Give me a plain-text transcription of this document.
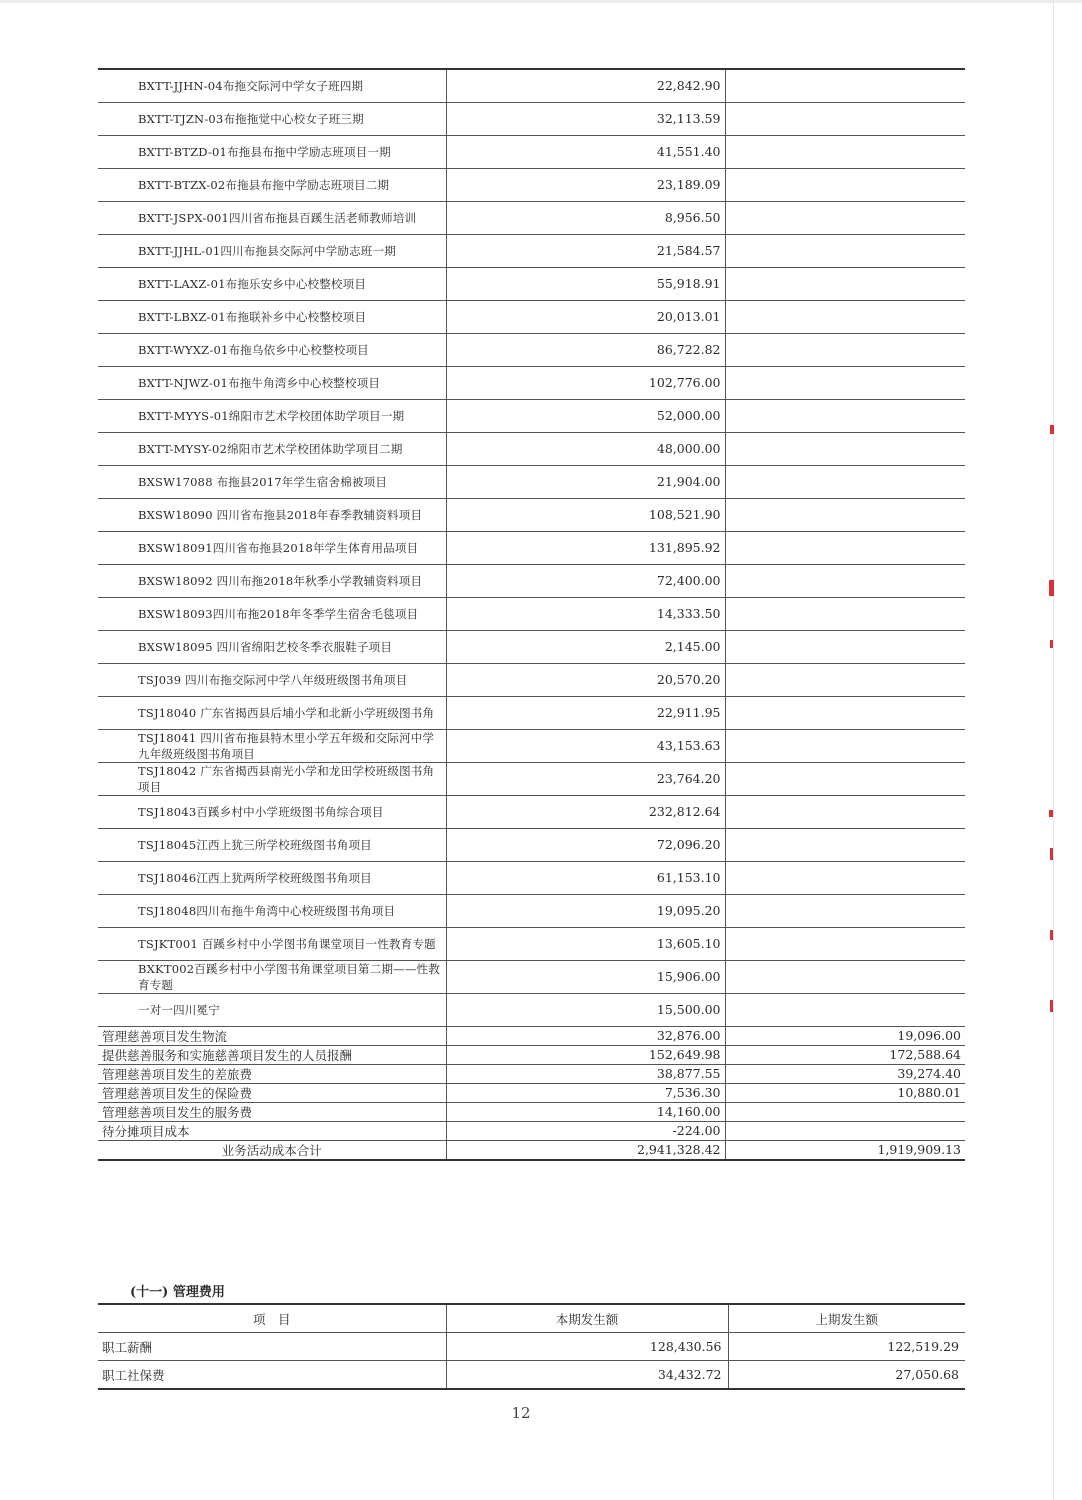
BXTT-JJHN-04布拖交际河中学女子班四期	22,842.90	
BXTT-TJZN-03布拖拖觉中心校女子班三期	32,113.59	
BXTT-BTZD-01布拖县布拖中学励志班项目一期	41,551.40	
BXTT-BTZX-02布拖县布拖中学励志班项目二期	23,189.09	
BXTT-JSPX-001四川省布拖县百蹊生活老师教师培训	8,956.50	
BXTT-JJHL-01四川布拖县交际河中学励志班一期	21,584.57	
BXTT-LAXZ-01布拖乐安乡中心校整校项目	55,918.91	
BXTT-LBXZ-01布拖联补乡中心校整校项目	20,013.01	
BXTT-WYXZ-01布拖乌依乡中心校整校项目	86,722.82	
BXTT-NJWZ-01布拖牛角湾乡中心校整校项目	102,776.00	
BXTT-MYYS-01绵阳市艺术学校团体助学项目一期	52,000.00	
BXTT-MYSY-02绵阳市艺术学校团体助学项目二期	48,000.00	
BXSW17088 布拖县2017年学生宿舍棉被项目	21,904.00	
BXSW18090 四川省布拖县2018年春季教辅资料项目	108,521.90	
BXSW18091四川省布拖县2018年学生体育用品项目	131,895.92	
BXSW18092 四川布拖2018年秋季小学教辅资料项目	72,400.00	
BXSW18093四川布拖2018年冬季学生宿舍毛毯项目	14,333.50	
BXSW18095 四川省绵阳艺校冬季衣服鞋子项目	2,145.00	
TSJ039 四川布拖交际河中学八年级班级图书角项目	20,570.20	
TSJ18040 广东省揭西县后埔小学和北新小学班级图书角	22,911.95	
TSJ18041 四川省布拖县特木里小学五年级和交际河中学九年级班级图书角项目	43,153.63	
TSJ18042 广东省揭西县南光小学和龙田学校班级图书角项目	23,764.20	
TSJ18043百蹊乡村中小学班级图书角综合项目	232,812.64	
TSJ18045江西上犹三所学校班级图书角项目	72,096.20	
TSJ18046江西上犹两所学校班级图书角项目	61,153.10	
TSJ18048四川布拖牛角湾中心校班级图书角项目	19,095.20	
TSJKT001 百蹊乡村中小学图书角课堂项目一性教育专题	13,605.10	
BXKT002百蹊乡村中小学图书角课堂项目第二期——性教育专题	15,906.00	
一对一四川冕宁	15,500.00	
管理慈善项目发生物流	32,876.00	19,096.00
提供慈善服务和实施慈善项目发生的人员报酬	152,649.98	172,588.64
管理慈善项目发生的差旅费	38,877.55	39,274.40
管理慈善项目发生的保险费	7,536.30	10,880.01
管理慈善项目发生的服务费	14,160.00	
待分摊项目成本	-224.00	
业务活动成本合计	2,941,328.42	1,919,909.13
(十一) 管理费用
项　目	本期发生额	上期发生额
职工薪酬	128,430.56	122,519.29
职工社保费	34,432.72	27,050.68
12
